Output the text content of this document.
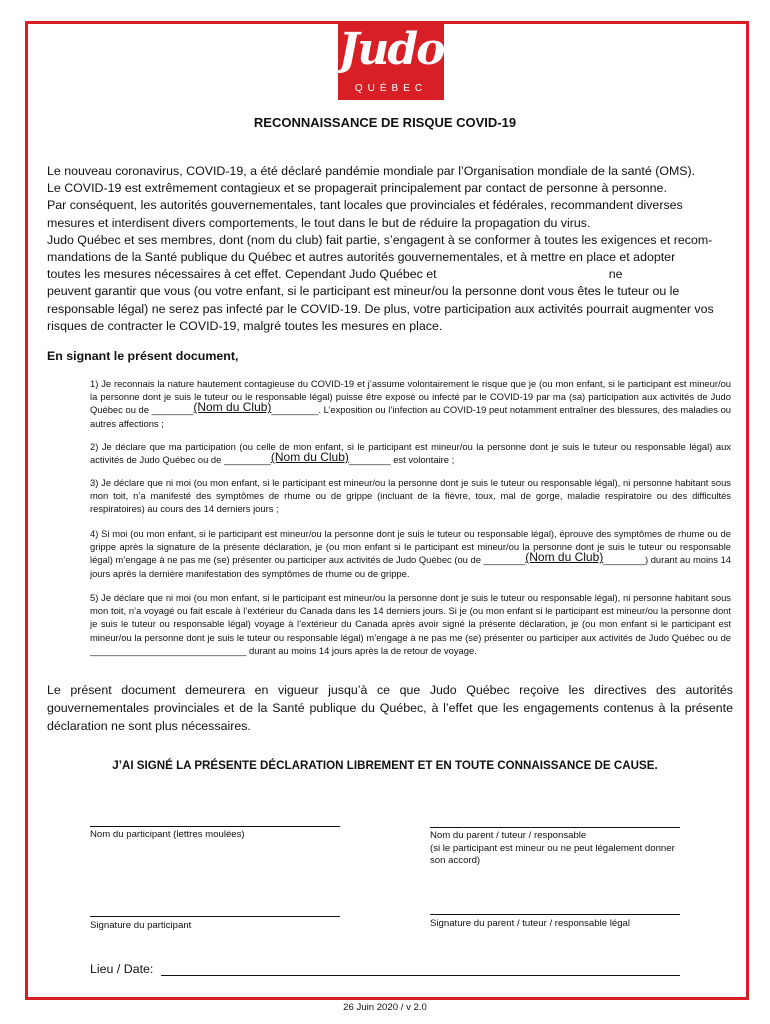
Judo
QUÉBEC
RECONNAISSANCE DE RISQUE COVID-19
Le nouveau coronavirus, COVID-19, a été déclaré pandémie mondiale par l’Organisation mondiale de la santé (OMS).
Le COVID-19 est extrêmement contagieux et se propagerait principalement par contact de personne à personne.
Par conséquent, les autorités gouvernementales, tant locales que provinciales et fédérales, recommandent diverses
mesures et interdisent divers comportements, le tout dans le but de réduire la propagation du virus.
Judo Québec et ses membres, dont (nom du club) fait partie, s’engagent à se conformer à toutes les exigences et recom-
mandations de la Santé publique du Québec et autres autorités gouvernementales, et à mettre en place et adopter
toutes les mesures nécessaires à cet effet. Cependant Judo Québec et                                                  ne
peuvent garantir que vous (ou votre enfant, si le participant est mineur/ou la personne dont vous êtes le tuteur ou le
responsable légal) ne serez pas infecté par le COVID-19. De plus, votre participation aux activités pourrait augmenter vos
risques de contracter le COVID-19, malgré toutes les mesures en place.
En signant le présent document,
1) Je reconnais la nature hautement contagieuse du COVID-19 et j’assume volontairement le risque que je (ou mon enfant, si le participant est mineur/ou la personne dont je suis le tuteur ou le responsable légal) puisse être exposé ou infecté par le COVID-19 par ma (sa) participation aux activités de Judo Québec ou de ________(Nom du Club)_________. L’exposition ou l’infection au COVID-19 peut notamment entraîner des blessures, des maladies ou autres affections ;
2) Je déclare que ma participation (ou celle de mon enfant, si le participant est mineur/ou la personne dont je suis le tuteur ou responsable légal) aux activités de Judo Québec ou de _________(Nom du Club)________ est volontaire ;
3) Je déclare que ni moi (ou mon enfant, si le participant est mineur/ou la personne dont je suis le tuteur ou responsable légal), ni personne habitant sous mon toit, n’a manifesté des symptômes de rhume ou de grippe (incluant de la fièvre, toux, mal de gorge, maladie respiratoire ou des difficultés respiratoires) au cours des 14 derniers jours ;
4) Si moi (ou mon enfant, si le participant est mineur/ou la personne dont je suis le tuteur ou responsable légal), éprouve des symptômes de rhume ou de grippe après la signature de la présente déclaration, je (ou mon enfant si le participant est mineur/ou la personne dont je suis le tuteur ou responsable légal) m’engage à ne pas me (se) présenter ou participer aux activités de Judo Québec (ou de ________(Nom du Club)________) durant au moins 14 jours après la dernière manifestation des symptômes de rhume ou de grippe.
5) Je déclare que ni moi (ou mon enfant, si le participant est mineur/ou la personne dont je suis le tuteur ou responsable légal), ni personne habitant sous mon toit, n’a voyagé ou fait escale à l’extérieur du Canada dans les 14 derniers jours. Si je (ou mon enfant si le participant est mineur/ou la personne dont je suis le tuteur ou responsable légal) voyage à l’extérieur du Canada après avoir signé la présente déclaration, je (ou mon enfant si le participant est mineur/ou la personne dont je suis le tuteur ou responsable légal) m’engage à ne pas me (se) présenter ou participer aux activités de Judo Québec ou de ______________________________ durant au moins 14 jours après la de retour de voyage.
Le présent document demeurera en vigueur jusqu’à ce que Judo Québec reçoive les directives des autorités gouvernementales provinciales et de la Santé publique du Québec, à l’effet que les engagements contenus à la présente déclaration ne sont plus nécessaires.
J’AI SIGNÉ LA PRÉSENTE DÉCLARATION LIBREMENT ET EN TOUTE CONNAISSANCE DE CAUSE.
Nom du participant (lettres moulées)	Nom du parent / tuteur / responsable
(si le participant est mineur ou ne peut légalement donner son accord)
Signature du participant	Signature du parent / tuteur / responsable légal
Lieu / Date:
26 Juin 2020 / v 2.0
